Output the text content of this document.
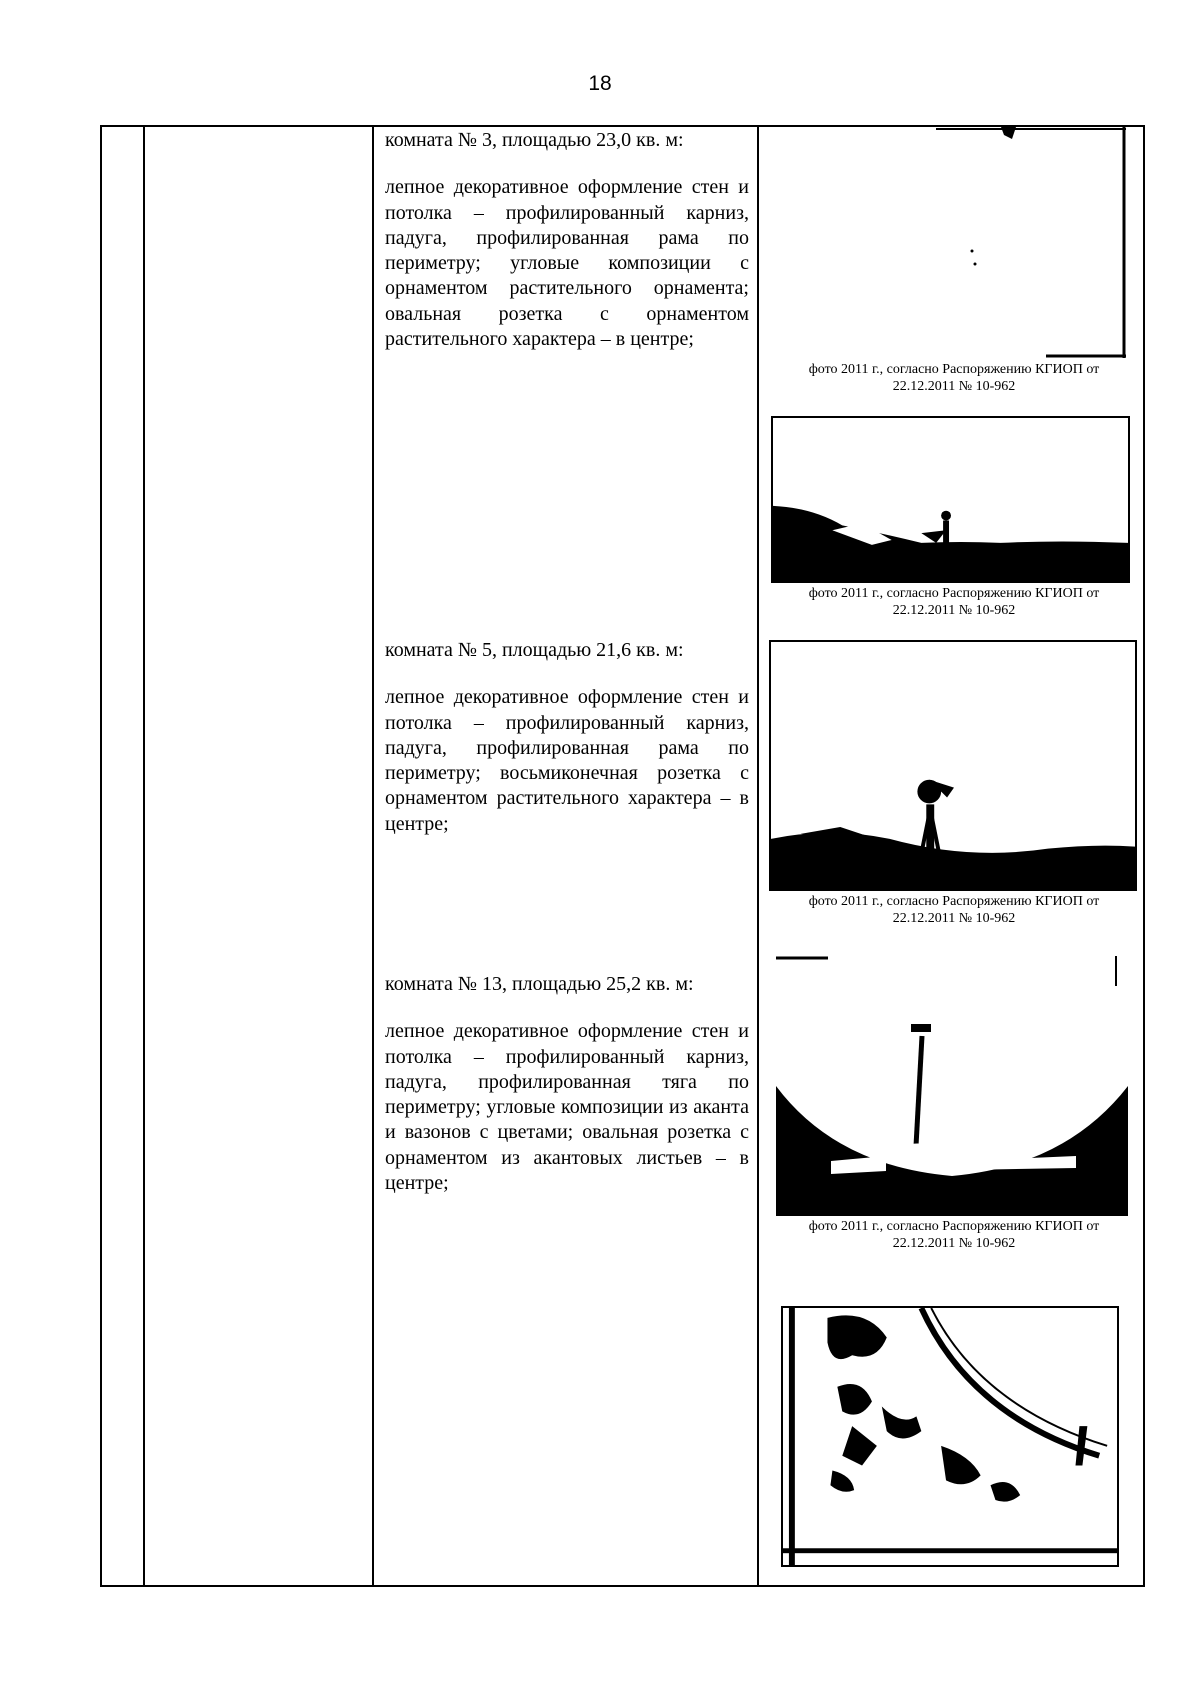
18

комната № 3, площадью 23,0 кв. м:

лепное декоративное оформление стен и потолка – профилированный карниз, падуга, профилированная рама по периметру; угловые композиции с орнаментом растительного орнамента; овальная розетка с орнаментом растительного характера – в центре;

комната № 5, площадью 21,6 кв. м:

лепное декоративное оформление стен и потолка – профилированный карниз, падуга, профилированная рама по периметру; восьмиконечная розетка с орнаментом растительного характера – в центре;

комната № 13, площадью 25,2 кв. м:

лепное декоративное оформление стен и потолка – профилированный карниз, падуга, профилированная тяга по периметру; угловые композиции из аканта и вазонов с цветами; овальная розетка с орнаментом из акантовых листьев – в центре;

фото 2011 г., согласно Распоряжению КГИОП от
22.12.2011 № 10-962
фото 2011 г., согласно Распоряжению КГИОП от
22.12.2011 № 10-962
фото 2011 г., согласно Распоряжению КГИОП от
22.12.2011 № 10-962
фото 2011 г., согласно Распоряжению КГИОП от
22.12.2011 № 10-962
